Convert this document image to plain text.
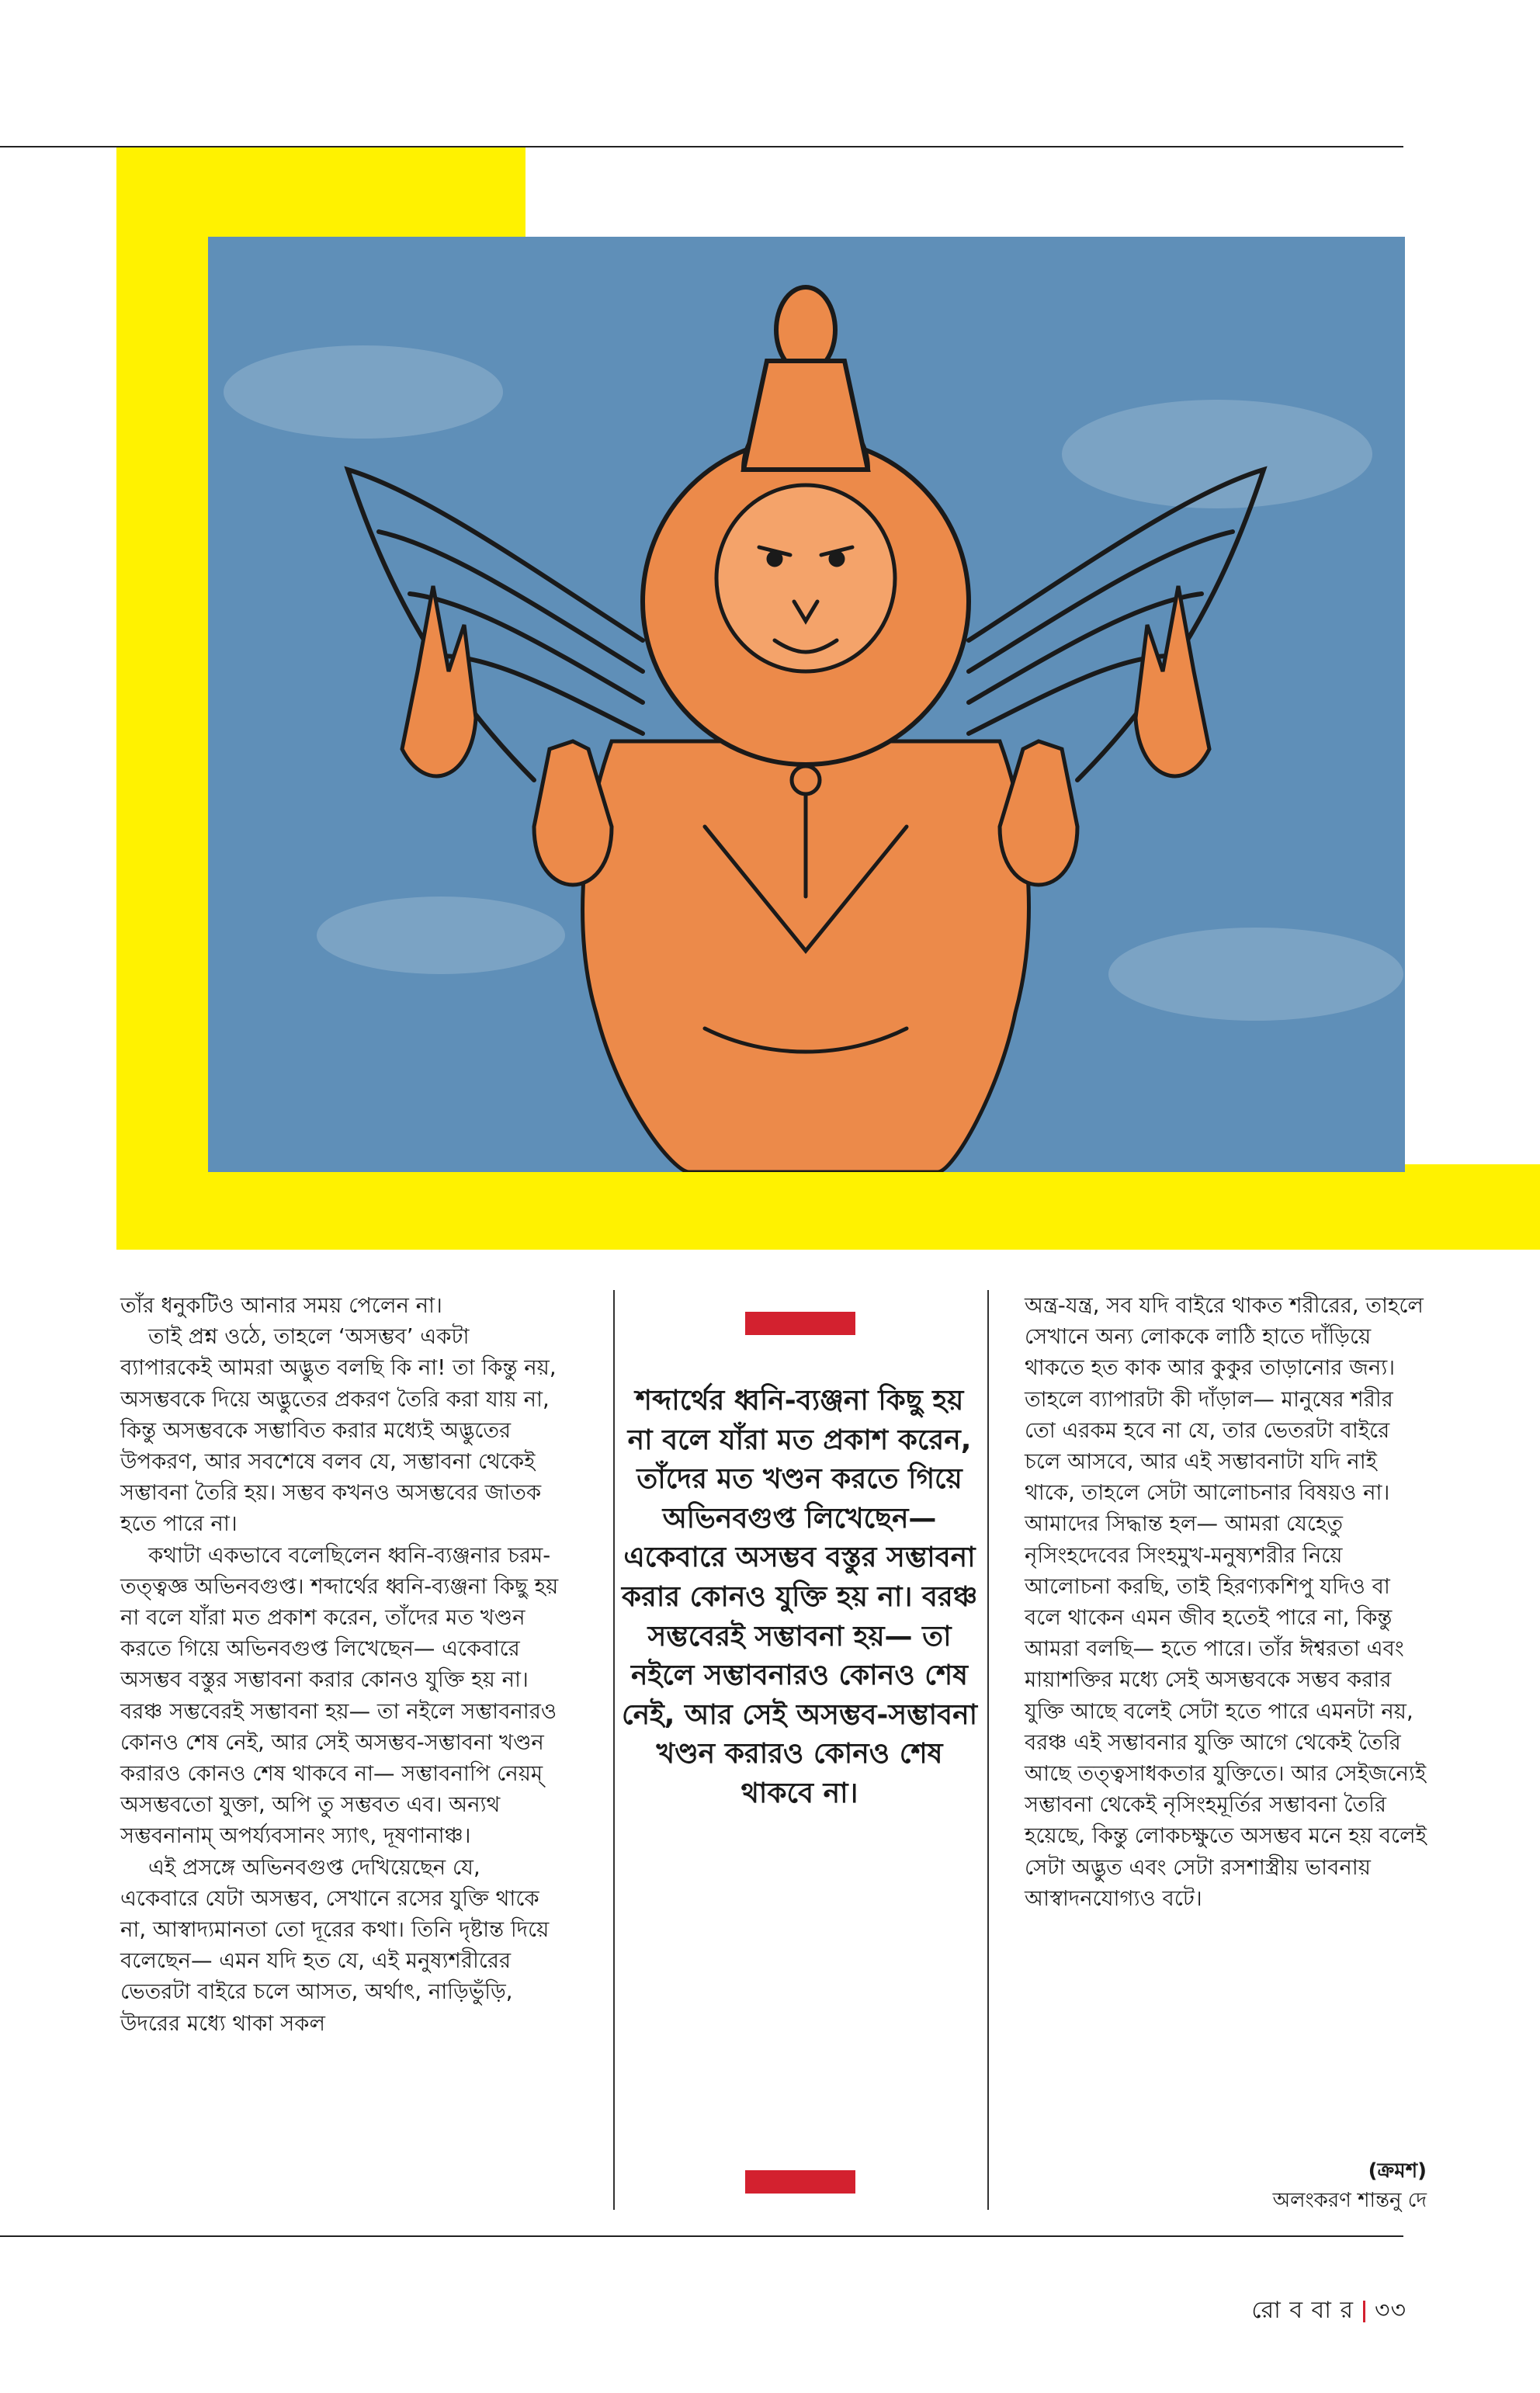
তাঁর ধনুকটিও আনার সময় পেলেন না।

তাই প্রশ্ন ওঠে, তাহলে ‘অসম্ভব’ একটা ব্যাপারকেই আমরা অদ্ভুত বলছি কি না! তা কিন্তু নয়, অসম্ভবকে দিয়ে অদ্ভুতের প্রকরণ তৈরি করা যায় না, কিন্তু অসম্ভবকে সম্ভাবিত করার মধ্যেই অদ্ভুতের উপকরণ, আর সবশেষে বলব যে, সম্ভাবনা থেকেই সম্ভাবনা তৈরি হয়। সম্ভব কখনও অসম্ভবের জাতক হতে পারে না।

কথাটা একভাবে বলেছিলেন ধ্বনি-ব্যঞ্জনার চরম-তত্ত্বজ্ঞ অভিনবগুপ্ত। শব্দার্থের ধ্বনি-ব্যঞ্জনা কিছু হয় না বলে যাঁরা মত প্রকাশ করেন, তাঁদের মত খণ্ডন করতে গিয়ে অভিনবগুপ্ত লিখেছেন— একেবারে অসম্ভব বস্তুর সম্ভাবনা করার কোনও যুক্তি হয় না। বরঞ্চ সম্ভবেরই সম্ভাবনা হয়— তা নইলে সম্ভাবনারও কোনও শেষ নেই, আর সেই অসম্ভব-সম্ভাবনা খণ্ডন করারও কোনও শেষ থাকবে না— সম্ভাবনাপি নেয়ম্ অসম্ভবতো যুক্তা, অপি তু সম্ভবত এব। অন্যথ সম্ভবনানাম্ অপর্য্যবসানং স্যাৎ, দূষণানাঞ্চ।

এই প্রসঙ্গে অভিনবগুপ্ত দেখিয়েছেন যে, একেবারে যেটা অসম্ভব, সেখানে রসের যুক্তি থাকে না, আস্বাদ্যমানতা তো দূরের কথা। তিনি দৃষ্টান্ত দিয়ে বলেছেন— এমন যদি হত যে, এই মনুষ্যশরীরের ভেতরটা বাইরে চলে আসত, অর্থাৎ, নাড়িভুঁড়ি, উদরের মধ্যে থাকা সকল

শব্দার্থের ধ্বনি-ব্যঞ্জনা কিছু হয় না বলে যাঁরা মত প্রকাশ করেন, তাঁদের মত খণ্ডন করতে গিয়ে অভিনবগুপ্ত লিখেছেন— একেবারে অসম্ভব বস্তুর সম্ভাবনা করার কোনও যুক্তি হয় না। বরঞ্চ সম্ভবেরই সম্ভাবনা হয়— তা নইলে সম্ভাবনারও কোনও শেষ নেই, আর সেই অসম্ভব-সম্ভাবনা খণ্ডন করারও কোনও শেষ থাকবে না।

অন্ত্র-যন্ত্র, সব যদি বাইরে থাকত শরীরের, তাহলে সেখানে অন্য লোককে লাঠি হাতে দাঁড়িয়ে থাকতে হত কাক আর কুকুর তাড়ানোর জন্য। তাহলে ব্যাপারটা কী দাঁড়াল— মানুষের শরীর তো এরকম হবে না যে, তার ভেতরটা বাইরে চলে আসবে, আর এই সম্ভাবনাটা যদি নাই থাকে, তাহলে সেটা আলোচনার বিষয়ও না। আমাদের সিদ্ধান্ত হল— আমরা যেহেতু নৃসিংহদেবের সিংহমুখ-মনুষ্যশরীর নিয়ে আলোচনা করছি, তাই হিরণ্যকশিপু যদিও বা বলে থাকেন এমন জীব হতেই পারে না, কিন্তু আমরা বলছি— হতে পারে। তাঁর ঈশ্বরতা এবং মায়াশক্তির মধ্যে সেই অসম্ভবকে সম্ভব করার যুক্তি আছে বলেই সেটা হতে পারে এমনটা নয়, বরঞ্চ এই সম্ভাবনার যুক্তি আগে থেকেই তৈরি আছে তত্ত্বসাধকতার যুক্তিতে। আর সেইজন্যেই সম্ভাবনা থেকেই নৃসিংহমূর্তির সম্ভাবনা তৈরি হয়েছে, কিন্তু লোকচক্ষুতে অসম্ভব মনে হয় বলেই সেটা অদ্ভুত এবং সেটা রসশাস্ত্রীয় ভাবনায় আস্বাদনযোগ্যও বটে।

(ক্রমশ)
অলংকরণ শান্তনু দে
রো ব বা র ৩৩
